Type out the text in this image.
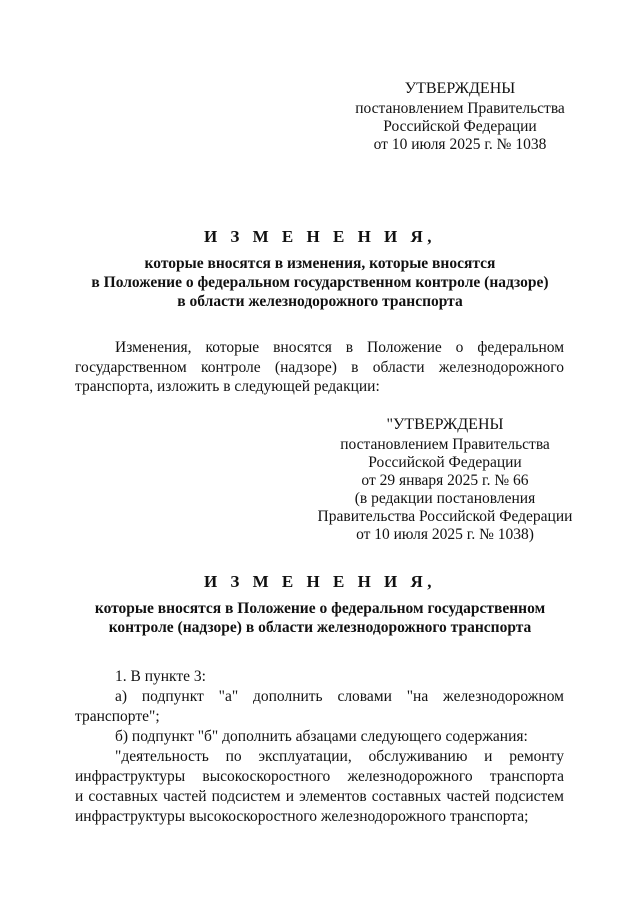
УТВЕРЖДЕНЫ
постановлением Правительства
Российской Федерации
от 10 июля 2025 г. № 1038
И З М Е Н Е Н И Я,
которые вносятся в изменения, которые вносятся
в Положение о федеральном государственном контроле (надзоре)
в области железнодорожного транспорта
Изменения, которые вносятся в Положение о федеральном
государственном контроле (надзоре) в области железнодорожного
транспорта, изложить в следующей редакции:
"УТВЕРЖДЕНЫ
постановлением Правительства
Российской Федерации
от 29 января 2025 г. № 66
(в редакции постановления
Правительства Российской Федерации
от 10 июля 2025 г. № 1038)
И З М Е Н Е Н И Я,
которые вносятся в Положение о федеральном государственном
контроле (надзоре) в области железнодорожного транспорта
1. В пункте 3:
а) подпункт "а" дополнить словами "на железнодорожном
транспорте";
б) подпункт "б" дополнить абзацами следующего содержания:
"деятельность по эксплуатации, обслуживанию и ремонту
инфраструктуры высокоскоростного железнодорожного транспорта
и составных частей подсистем и элементов составных частей подсистем
инфраструктуры высокоскоростного железнодорожного транспорта;
